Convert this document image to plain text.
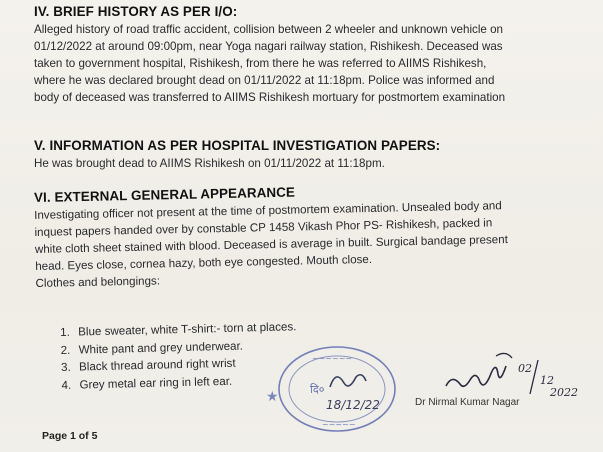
IV. BRIEF HISTORY AS PER I/O:
Alleged history of road traffic accident, collision between 2 wheeler and unknown vehicle on
01/12/2022 at around 09:00pm, near Yoga nagari railway station, Rishikesh. Deceased was
taken to government hospital, Rishikesh, from there he was referred to AIIMS Rishikesh,
where he was declared brought dead on 01/11/2022 at 11:18pm. Police was informed and
body of deceased was transferred to AIIMS Rishikesh mortuary for postmortem examination
V. INFORMATION AS PER HOSPITAL INVESTIGATION PAPERS:
He was brought dead to AIIMS Rishikesh on 01/11/2022 at 11:18pm.
VI. EXTERNAL GENERAL APPEARANCE
Investigating officer not present at the time of postmortem examination. Unsealed body and
inquest papers handed over by constable CP 1458 Vikash Phor PS- Rishikesh, packed in
white cloth sheet stained with blood. Deceased is average in built. Surgical bandage present
head. Eyes close, cornea hazy, both eye congested. Mouth close.
Clothes and belongings:
1. Blue sweater, white T-shirt:- torn at places.
2. White pant and grey underwear.
3. Black thread around right wrist
4. Grey metal ear ring in left ear.
~~~~~~
दि०
18/12/22
~~~~~
★
02
12
2022
Dr Nirmal Kumar Nagar
Page 1 of 5
